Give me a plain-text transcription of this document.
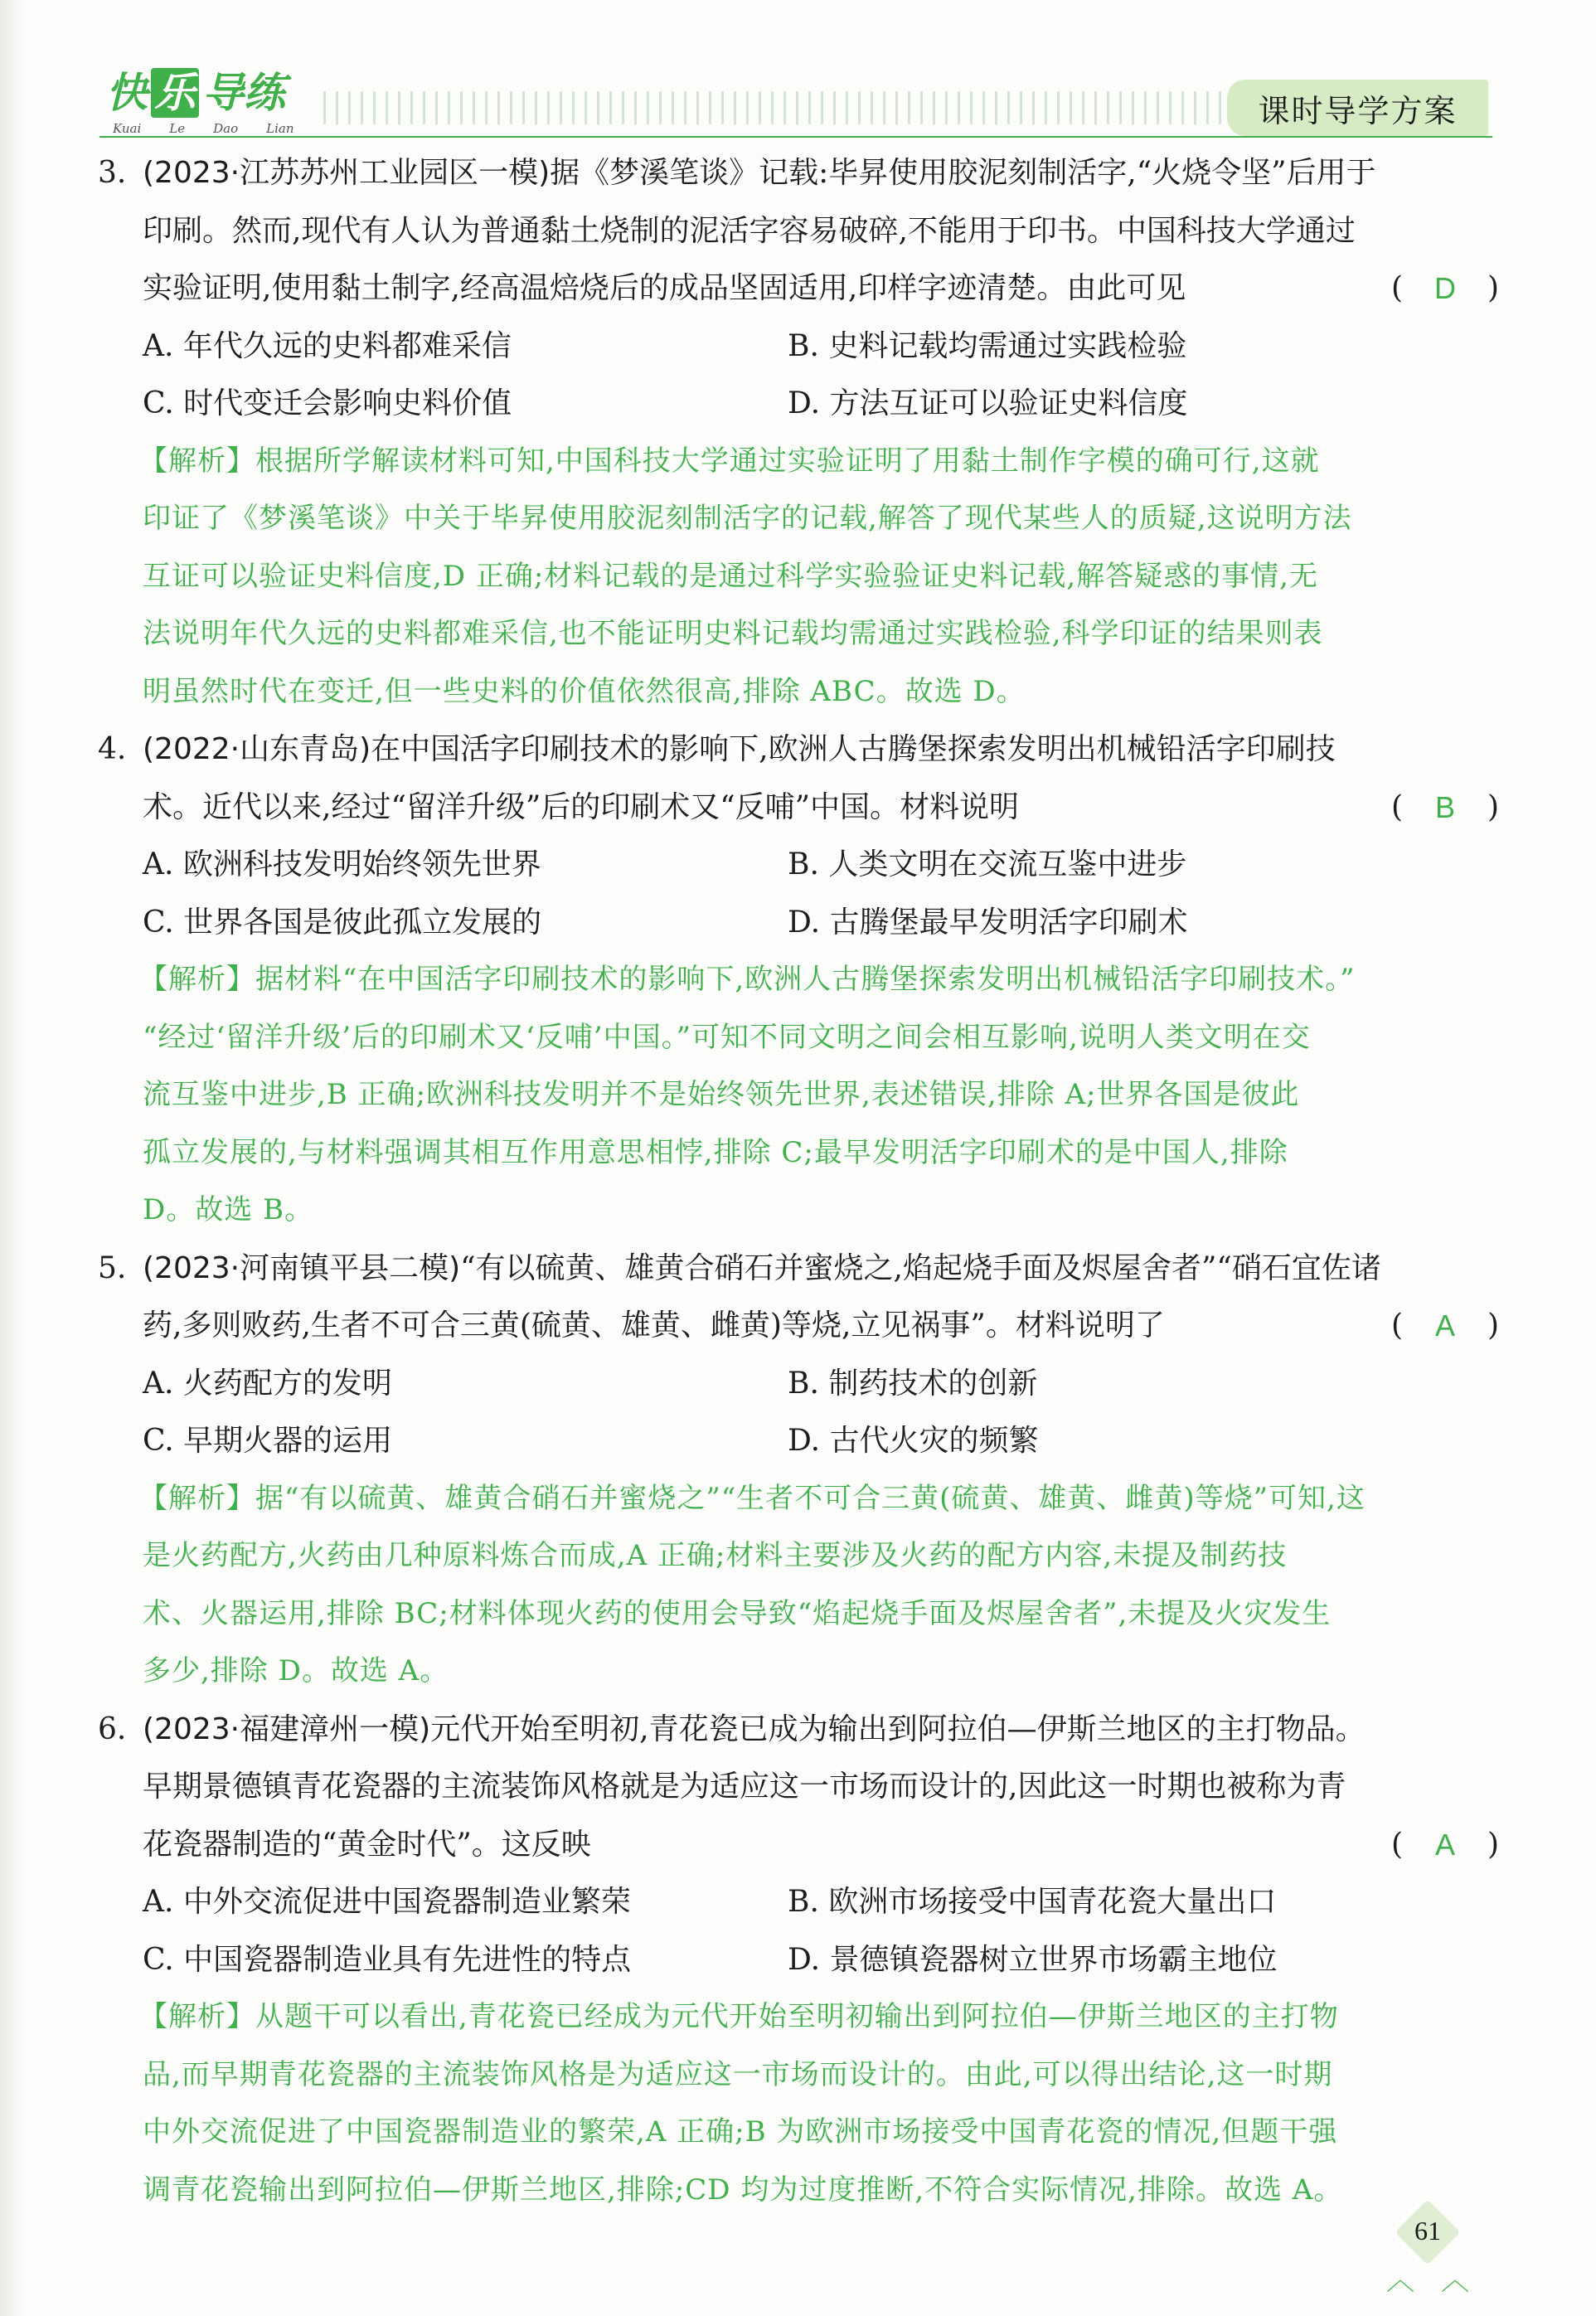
快 乐 导 练
Kuai Le Dao Lian	课时导学方案
3. (2023·江苏苏州工业园区一模)据《梦溪笔谈》记载:毕昇使用胶泥刻制活字,“火烧令坚”后用于
印刷。然而,现代有人认为普通黏土烧制的泥活字容易破碎,不能用于印书。中国科技大学通过
实验证明,使用黏土制字,经高温焙烧后的成品坚固适用,印样字迹清楚。由此可见	( D )
A. 年代久远的史料都难采信	B. 史料记载均需通过实践检验
C. 时代变迁会影响史料价值	D. 方法互证可以验证史料信度
【解析】根据所学解读材料可知,中国科技大学通过实验证明了用黏土制作字模的确可行,这就
印证了《梦溪笔谈》中关于毕昇使用胶泥刻制活字的记载,解答了现代某些人的质疑,这说明方法
互证可以验证史料信度,D 正确;材料记载的是通过科学实验验证史料记载,解答疑惑的事情,无
法说明年代久远的史料都难采信,也不能证明史料记载均需通过实践检验,科学印证的结果则表
明虽然时代在变迁,但一些史料的价值依然很高,排除 ABC。故选 D。
4. (2022·山东青岛)在中国活字印刷技术的影响下,欧洲人古腾堡探索发明出机械铅活字印刷技
术。近代以来,经过“留洋升级”后的印刷术又“反哺”中国。材料说明	( B )
A. 欧洲科技发明始终领先世界	B. 人类文明在交流互鉴中进步
C. 世界各国是彼此孤立发展的	D. 古腾堡最早发明活字印刷术
【解析】据材料“在中国活字印刷技术的影响下,欧洲人古腾堡探索发明出机械铅活字印刷技术。”
“经过‘留洋升级’后的印刷术又‘反哺’中国。”可知不同文明之间会相互影响,说明人类文明在交
流互鉴中进步,B 正确;欧洲科技发明并不是始终领先世界,表述错误,排除 A;世界各国是彼此
孤立发展的,与材料强调其相互作用意思相悖,排除 C;最早发明活字印刷术的是中国人,排除
D。故选 B。
5. (2023·河南镇平县二模)“有以硫黄、雄黄合硝石并蜜烧之,焰起烧手面及烬屋舍者”“硝石宜佐诸
药,多则败药,生者不可合三黄(硫黄、雄黄、雌黄)等烧,立见祸事”。材料说明了	( A )
A. 火药配方的发明	B. 制药技术的创新
C. 早期火器的运用	D. 古代火灾的频繁
【解析】据“有以硫黄、雄黄合硝石并蜜烧之”“生者不可合三黄(硫黄、雄黄、雌黄)等烧”可知,这
是火药配方,火药由几种原料炼合而成,A 正确;材料主要涉及火药的配方内容,未提及制药技
术、火器运用,排除 BC;材料体现火药的使用会导致“焰起烧手面及烬屋舍者”,未提及火灾发生
多少,排除 D。故选 A。
6. (2023·福建漳州一模)元代开始至明初,青花瓷已成为输出到阿拉伯—伊斯兰地区的主打物品。
早期景德镇青花瓷器的主流装饰风格就是为适应这一市场而设计的,因此这一时期也被称为青
花瓷器制造的“黄金时代”。这反映	( A )
A. 中外交流促进中国瓷器制造业繁荣	B. 欧洲市场接受中国青花瓷大量出口
C. 中国瓷器制造业具有先进性的特点	D. 景德镇瓷器树立世界市场霸主地位
【解析】从题干可以看出,青花瓷已经成为元代开始至明初输出到阿拉伯—伊斯兰地区的主打物
品,而早期青花瓷器的主流装饰风格是为适应这一市场而设计的。由此,可以得出结论,这一时期
中外交流促进了中国瓷器制造业的繁荣,A 正确;B 为欧洲市场接受中国青花瓷的情况,但题干强
调青花瓷输出到阿拉伯—伊斯兰地区,排除;CD 均为过度推断,不符合实际情况,排除。故选 A。
61
︿ ︿
